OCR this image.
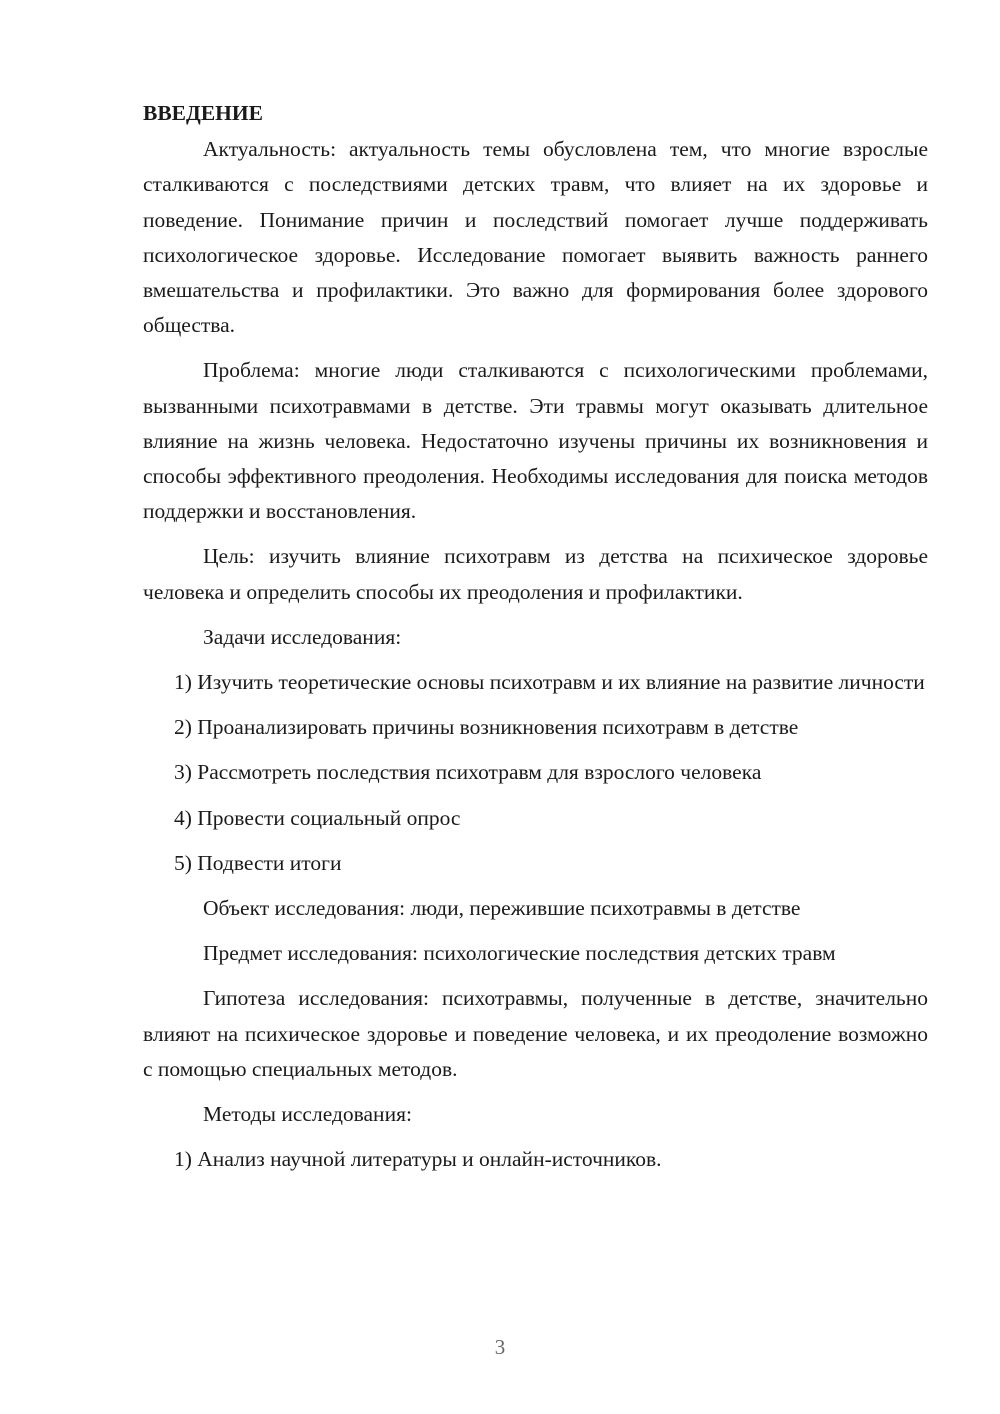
ВВЕДЕНИЕ

Актуальность: актуальность темы обусловлена тем, что многие взрослые сталкиваются с последствиями детских травм, что влияет на их здоровье и поведение. Понимание причин и последствий помогает лучше поддерживать психологическое здоровье. Исследование помогает выявить важность раннего вмешательства и профилактики. Это важно для формирования более здорового общества.

Проблема: многие люди сталкиваются с психологическими проблемами, вызванными психотравмами в детстве. Эти травмы могут оказывать длительное влияние на жизнь человека. Недостаточно изучены причины их возникновения и способы эффективного преодоления. Необходимы исследования для поиска методов поддержки и восстановления.

Цель: изучить влияние психотравм из детства на психическое здоровье человека и определить способы их преодоления и профилактики.

Задачи исследования:

1) Изучить теоретические основы психотравм и их влияние на развитие личности

2) Проанализировать причины возникновения психотравм в детстве

3) Рассмотреть последствия психотравм для взрослого человека

4) Провести социальный опрос

5) Подвести итоги

Объект исследования: люди, пережившие психотравмы в детстве

Предмет исследования: психологические последствия детских травм

Гипотеза исследования: психотравмы, полученные в детстве, значительно влияют на психическое здоровье и поведение человека, и их преодоление возможно с помощью специальных методов.

Методы исследования:

1) Анализ научной литературы и онлайн-источников.

3
